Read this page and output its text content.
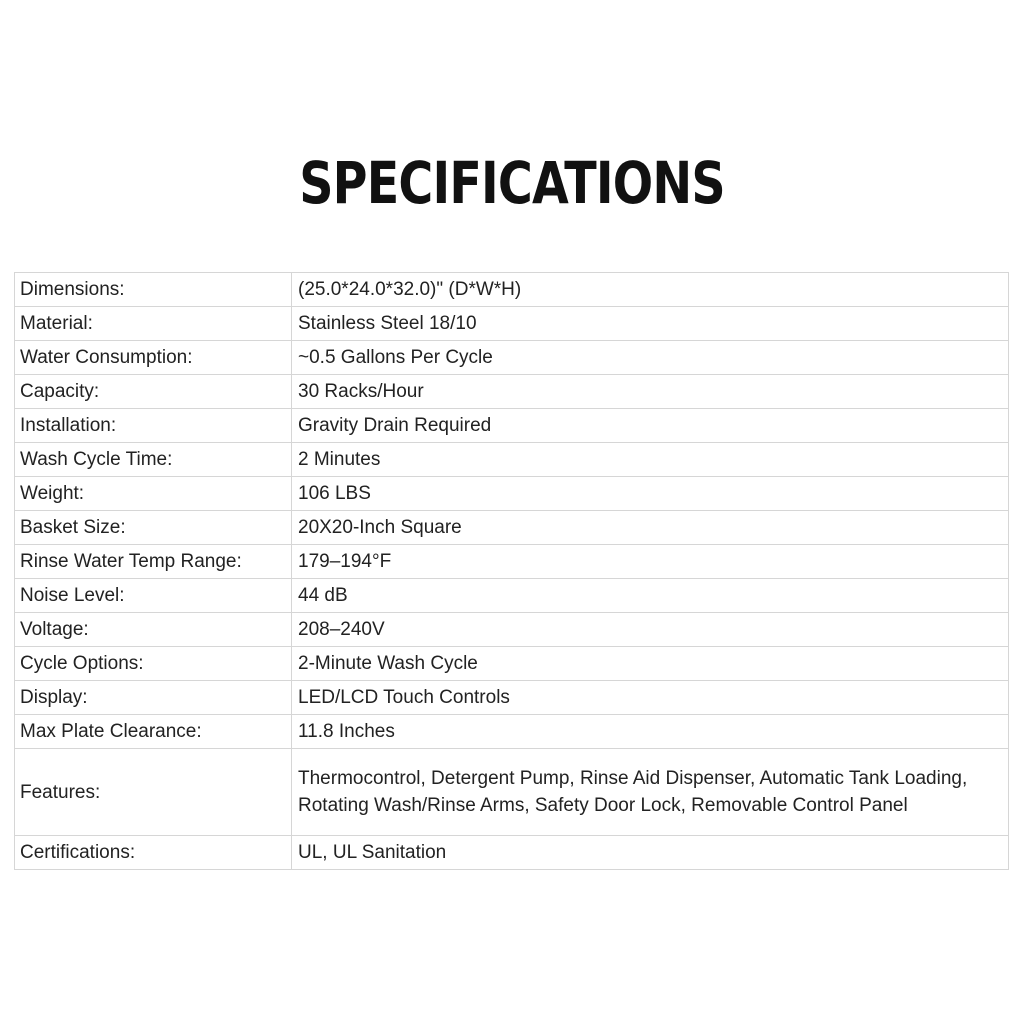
SPECIFICATIONS
Dimensions:	(25.0*24.0*32.0)" (D*W*H)
Material:	Stainless Steel 18/10
Water Consumption:	~0.5 Gallons Per Cycle
Capacity:	30 Racks/Hour
Installation:	Gravity Drain Required
Wash Cycle Time:	2 Minutes
Weight:	106 LBS
Basket Size:	20X20-Inch Square
Rinse Water Temp Range:	179–194°F
Noise Level:	44 dB
Voltage:	208–240V
Cycle Options:	2-Minute Wash Cycle
Display:	LED/LCD Touch Controls
Max Plate Clearance:	11.8 Inches
Features:	Thermocontrol, Detergent Pump, Rinse Aid Dispenser, Automatic Tank Loading, Rotating Wash/Rinse Arms, Safety Door Lock, Removable Control Panel
Certifications:	UL, UL Sanitation
